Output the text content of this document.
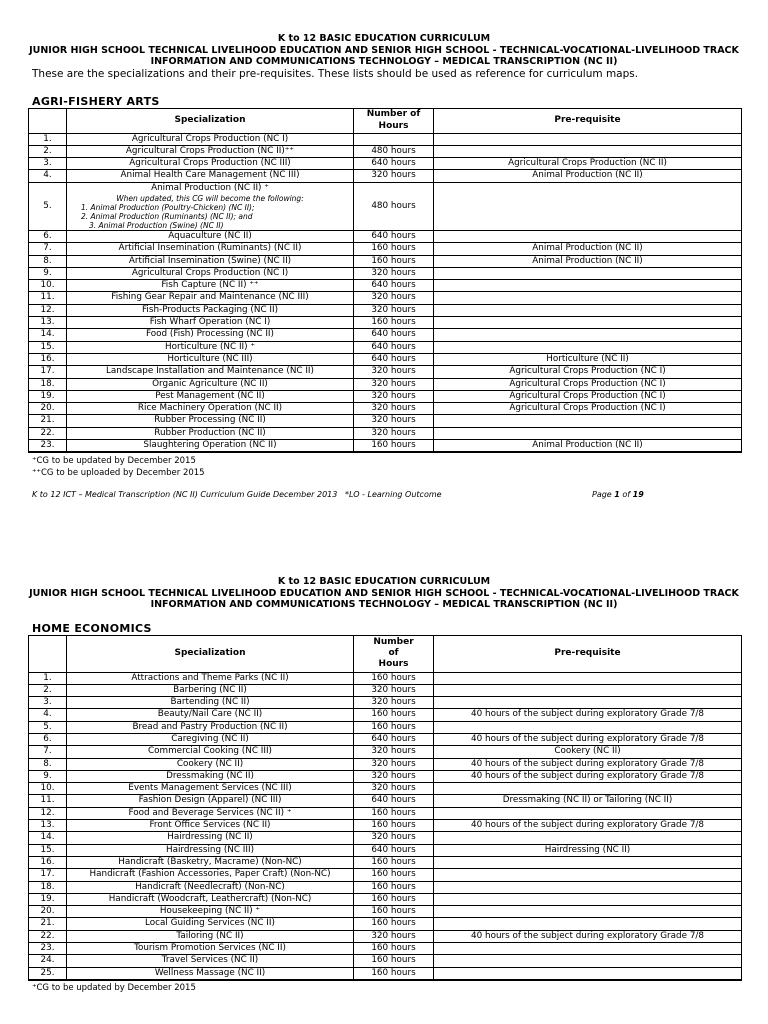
K to 12 BASIC EDUCATION CURRICULUM
JUNIOR HIGH SCHOOL TECHNICAL LIVELIHOOD EDUCATION AND SENIOR HIGH SCHOOL - TECHNICAL-VOCATIONAL-LIVELIHOOD TRACK
INFORMATION AND COMMUNICATIONS TECHNOLOGY – MEDICAL TRANSCRIPTION (NC II)
These are the specializations and their pre-requisites. These lists should be used as reference for curriculum maps.
AGRI-FISHERY ARTS
	Specialization	Number of Hours	Pre-requisite

1.	Agricultural Crops Production (NC I)		

2.	Agricultural Crops Production (NC II)⁺⁺	480 hours	

3.	Agricultural Crops Production (NC III)	640 hours	Agricultural Crops Production (NC II)

4.	Animal Health Care Management (NC III)	320 hours	Animal Production (NC II)

5.	Animal Production (NC II) ⁺
When updated, this CG will become the following:
1. Animal Production (Poultry-Chicken) (NC II);
2. Animal Production (Ruminants) (NC II); and
3. Animal Production (Swine) (NC II)	480 hours	

6.	Aquaculture (NC II)	640 hours	

7.	Artificial Insemination (Ruminants) (NC II)	160 hours	Animal Production (NC II)

8.	Artificial Insemination (Swine) (NC II)	160 hours	Animal Production (NC II)

9.	Agricultural Crops Production (NC I)	320 hours	

10.	Fish Capture (NC II) ⁺⁺	640 hours	

11.	Fishing Gear Repair and Maintenance (NC III)	320 hours	

12.	Fish-Products Packaging (NC II)	320 hours	

13.	Fish Wharf Operation (NC I)	160 hours	

14.	Food (Fish) Processing (NC II)	640 hours	

15.	Horticulture (NC II) ⁺	640 hours	

16.	Horticulture (NC III)	640 hours	Horticulture (NC II)

17.	Landscape Installation and Maintenance (NC II)	320 hours	Agricultural Crops Production (NC I)

18.	Organic Agriculture (NC II)	320 hours	Agricultural Crops Production (NC I)

19.	Pest Management (NC II)	320 hours	Agricultural Crops Production (NC I)

20.	Rice Machinery Operation (NC II)	320 hours	Agricultural Crops Production (NC I)

21.	Rubber Processing (NC II)	320 hours	

22.	Rubber Production (NC II)	320 hours	

23.	Slaughtering Operation (NC II)	160 hours	Animal Production (NC II)
⁺CG to be updated by December 2015
⁺⁺CG to be uploaded by December 2015
K to 12 ICT – Medical Transcription (NC II) Curriculum Guide December 2013 *LO - Learning Outcome	Page 1 of 19
K to 12 BASIC EDUCATION CURRICULUM
JUNIOR HIGH SCHOOL TECHNICAL LIVELIHOOD EDUCATION AND SENIOR HIGH SCHOOL - TECHNICAL-VOCATIONAL-LIVELIHOOD TRACK
INFORMATION AND COMMUNICATIONS TECHNOLOGY – MEDICAL TRANSCRIPTION (NC II)
HOME ECONOMICS
	Specialization	Number
of
Hours	Pre-requisite

1.	Attractions and Theme Parks (NC II)	160 hours	

2.	Barbering (NC II)	320 hours	

3.	Bartending (NC II)	320 hours	

4.	Beauty/Nail Care (NC II)	160 hours	40 hours of the subject during exploratory Grade 7/8

5.	Bread and Pastry Production (NC II)	160 hours	

6.	Caregiving (NC II)	640 hours	40 hours of the subject during exploratory Grade 7/8

7.	Commercial Cooking (NC III)	320 hours	Cookery (NC II)

8.	Cookery (NC II)	320 hours	40 hours of the subject during exploratory Grade 7/8

9.	Dressmaking (NC II)	320 hours	40 hours of the subject during exploratory Grade 7/8

10.	Events Management Services (NC III)	320 hours	

11.	Fashion Design (Apparel) (NC III)	640 hours	Dressmaking (NC II) or Tailoring (NC II)

12.	Food and Beverage Services (NC II) ⁺	160 hours	

13.	Front Office Services (NC II)	160 hours	40 hours of the subject during exploratory Grade 7/8

14.	Hairdressing (NC II)	320 hours	

15.	Hairdressing (NC III)	640 hours	Hairdressing (NC II)

16.	Handicraft (Basketry, Macrame) (Non-NC)	160 hours	

17.	Handicraft (Fashion Accessories, Paper Craft) (Non-NC)	160 hours	

18.	Handicraft (Needlecraft) (Non-NC)	160 hours	

19.	Handicraft (Woodcraft, Leathercraft) (Non-NC)	160 hours	

20.	Housekeeping (NC II) ⁺	160 hours	

21.	Local Guiding Services (NC II)	160 hours	

22.	Tailoring (NC II)	320 hours	40 hours of the subject during exploratory Grade 7/8

23.	Tourism Promotion Services (NC II)	160 hours	

24.	Travel Services (NC II)	160 hours	

25.	Wellness Massage (NC II)	160 hours	

⁺CG to be updated by December 2015
